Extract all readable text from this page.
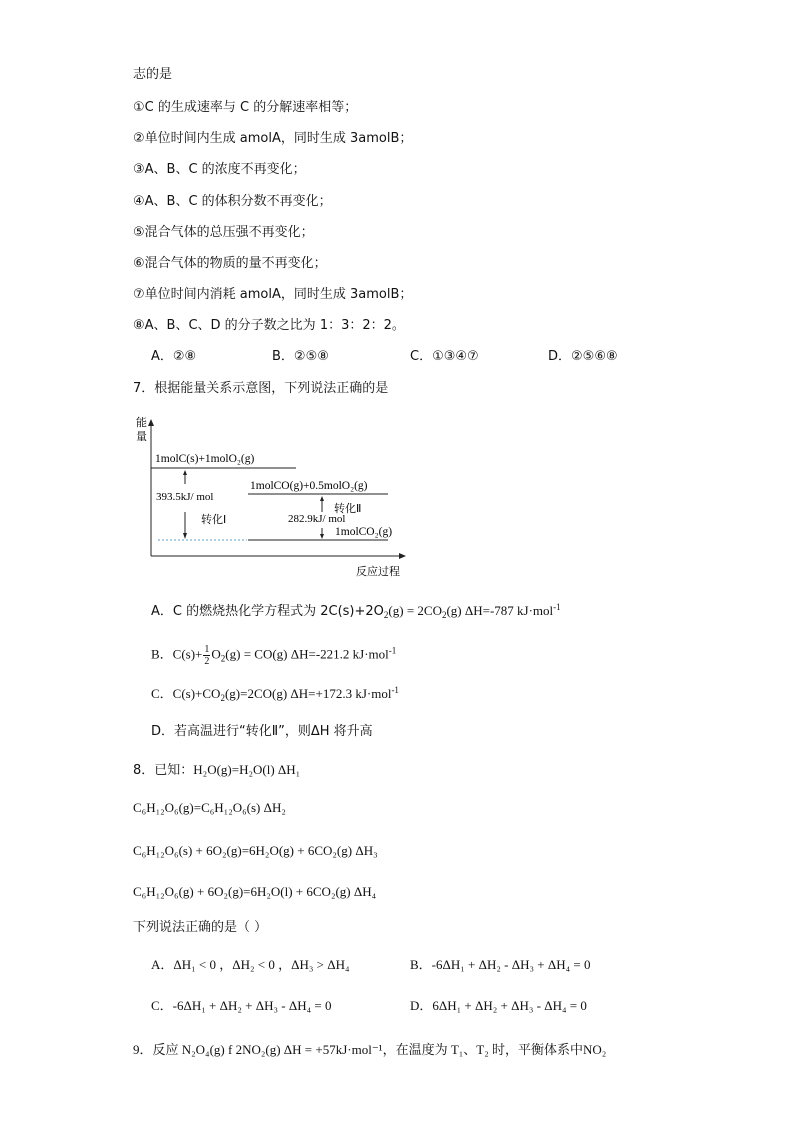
志的是
①C 的生成速率与 C 的分解速率相等；
②单位时间内生成 amolA，同时生成 3amolB；
③A、B、C 的浓度不再变化；
④A、B、C 的体积分数不再变化；
⑤混合气体的总压强不再变化；
⑥混合气体的物质的量不再变化；
⑦单位时间内消耗 amolA，同时生成 3amolB；
⑧A、B、C、D 的分子数之比为 1：3：2：2。
A．②⑧	B．②⑤⑧	C．①③④⑦	D．②⑤⑥⑧
7．根据能量关系示意图，下列说法正确的是
能
量
反应过程
1molC(s)+1molO₂(g)
1molCO(g)+0.5molO₂(g)
1molCO₂(g)
393.5kJ/ mol
转化Ⅰ	282.9kJ/ mol
转化Ⅱ
A．C 的燃烧热化学方程式为 $2C(s)+2O_2(g) = 2CO_2(g)$ ΔH=-787 kJ·mol$^{-1}$
B．$C(s)+ \frac{1}{2} O_2(g) = CO(g)$ ΔH=-221.2 kJ·mol$^{-1}$
C．$C(s)+CO_2(g)=2CO(g)$ ΔH=+172.3 kJ·mol$^{-1}$
D．若高温进行“转化Ⅱ”，则ΔH 将升高
8．已知：H₂O(g)=H₂O(l) ΔH₁
C₆H₁₂O₆(g)=C₆H₁₂O₆(s) ΔH₂
C₆H₁₂O₆(s) + 6O₂(g)=6H₂O(g) + 6CO₂(g) ΔH₃
C₆H₁₂O₆(g) + 6O₂(g)=6H₂O(l) + 6CO₂(g) ΔH₄
下列说法正确的是（ ）
A．ΔH₁ < 0 ，ΔH₂ < 0 ，ΔH₃ > ΔH₄	B．-6ΔH₁ + ΔH₂ - ΔH₃ + ΔH₄ = 0
C．-6ΔH₁ + ΔH₂ + ΔH₃ - ΔH₄ = 0	D．6ΔH₁ + ΔH₂ + ΔH₃ - ΔH₄ = 0
9．反应 N₂O₄(g) f 2NO₂(g) ΔH = +57kJ·mol⁻¹，在温度为 T₁、T₂ 时，平衡体系中NO₂
